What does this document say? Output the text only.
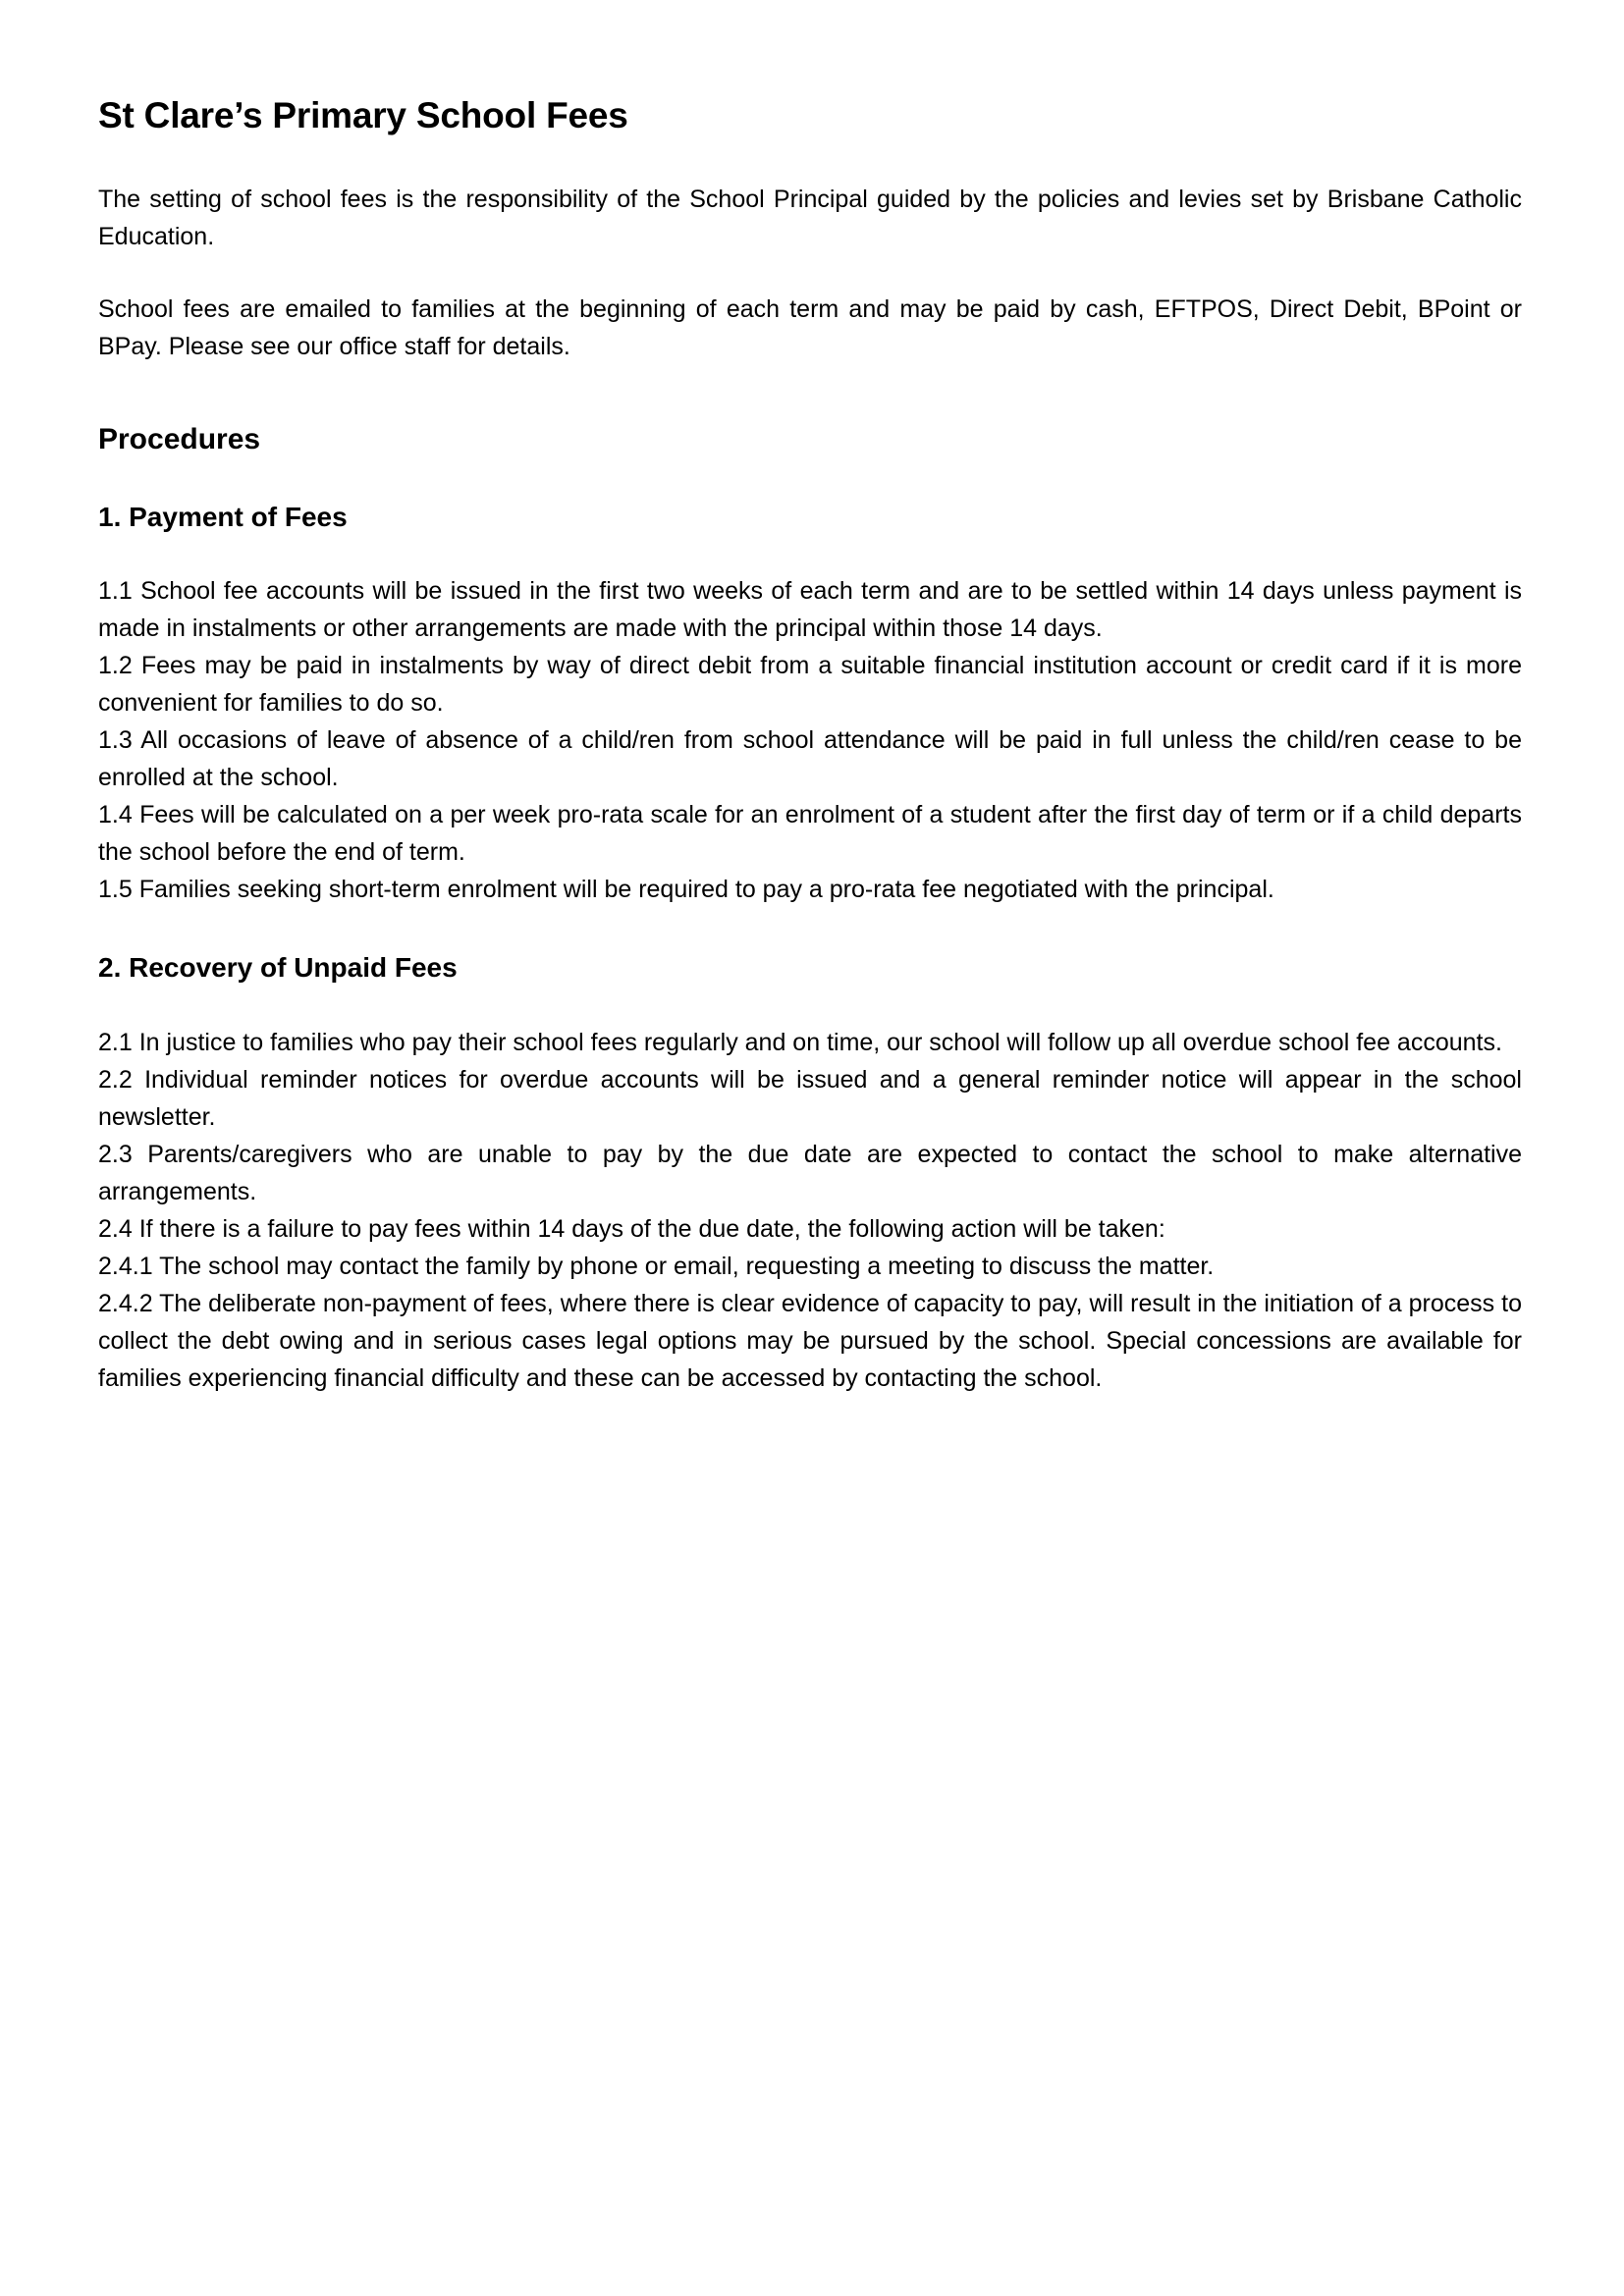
St Clare’s Primary School Fees

The setting of school fees is the responsibility of the School Principal guided by the policies and levies set by Brisbane Catholic Education.

School fees are emailed to families at the beginning of each term and may be paid by cash, EFTPOS, Direct Debit, BPoint or BPay. Please see our office staff for details.

Procedures
1. Payment of Fees

1.1 School fee accounts will be issued in the first two weeks of each term and are to be settled within 14 days unless payment is made in instalments or other arrangements are made with the principal within those 14 days.

1.2 Fees may be paid in instalments by way of direct debit from a suitable financial institution account or credit card if it is more convenient for families to do so.

1.3 All occasions of leave of absence of a child/ren from school attendance will be paid in full unless the child/ren cease to be enrolled at the school.

1.4 Fees will be calculated on a per week pro-rata scale for an enrolment of a student after the first day of term or if a child departs the school before the end of term.

1.5 Families seeking short-term enrolment will be required to pay a pro-rata fee negotiated with the principal.

2. Recovery of Unpaid Fees

2.1 In justice to families who pay their school fees regularly and on time, our school will follow up all overdue school fee accounts.

2.2 Individual reminder notices for overdue accounts will be issued and a general reminder notice will appear in the school newsletter.

2.3 Parents/caregivers who are unable to pay by the due date are expected to contact the school to make alternative arrangements.

2.4 If there is a failure to pay fees within 14 days of the due date, the following action will be taken:

2.4.1 The school may contact the family by phone or email, requesting a meeting to discuss the matter.

2.4.2 The deliberate non-payment of fees, where there is clear evidence of capacity to pay, will result in the initiation of a process to collect the debt owing and in serious cases legal options may be pursued by the school. Special concessions are available for families experiencing financial difficulty and these can be accessed by contacting the school.
